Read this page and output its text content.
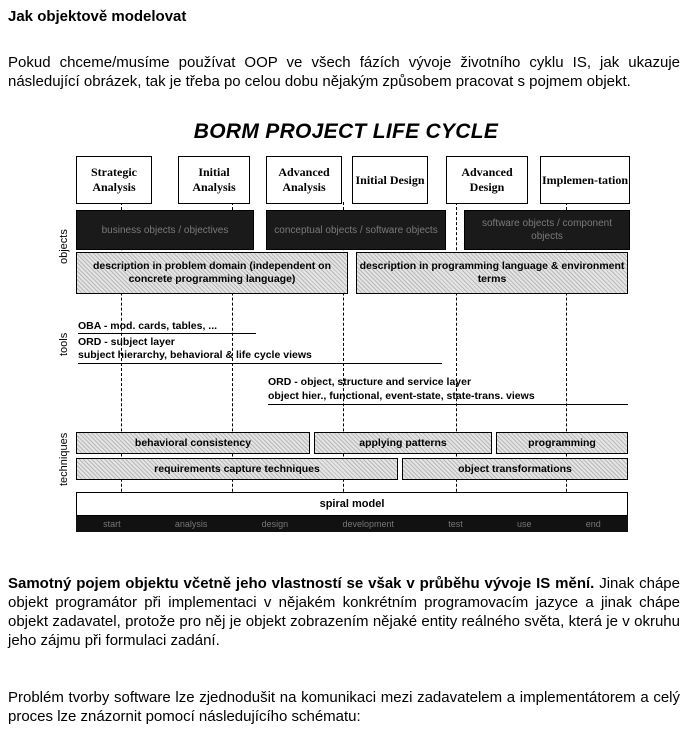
Jak objektově modelovat
Pokud chceme/musíme používat OOP ve všech fázích vývoje životního cyklu IS, jak ukazuje následující obrázek, tak je třeba po celou dobu nějakým způsobem pracovat s pojmem objekt.
BORM PROJECT LIFE CYCLE
Strategic Analysis
Initial Analysis
Advanced Analysis
Initial Design
Advanced Design
Implemen-tation
objects
tools
techniques
business objects / objectives	conceptual objects / software objects
software objects / component objects
description in problem domain (independent on concrete programming language)
description in programming language & environment terms
OBA - mod. cards, tables, ...
ORD - subject layer
subject hierarchy, behavioral & life cycle views
ORD - object, structure and service layer
object hier., functional, event-state, state-trans. views
behavioral consistency	applying patterns	programming
requirements capture techniques	object transformations
spiral model
start	analysis	design	development	test	use	end
Samotný pojem objektu včetně jeho vlastností se však v průběhu vývoje IS mění. Jinak chápe objekt programátor při implementaci v nějakém konkrétním programovacím jazyce a jinak chápe objekt zadavatel, protože pro něj je objekt zobrazením nějaké entity reálného světa, která je v okruhu jeho zájmu při formulaci zadání.
Problém tvorby software lze zjednodušit na komunikaci mezi zadavatelem a implementátorem a celý proces lze znázornit pomocí následujícího schématu:
